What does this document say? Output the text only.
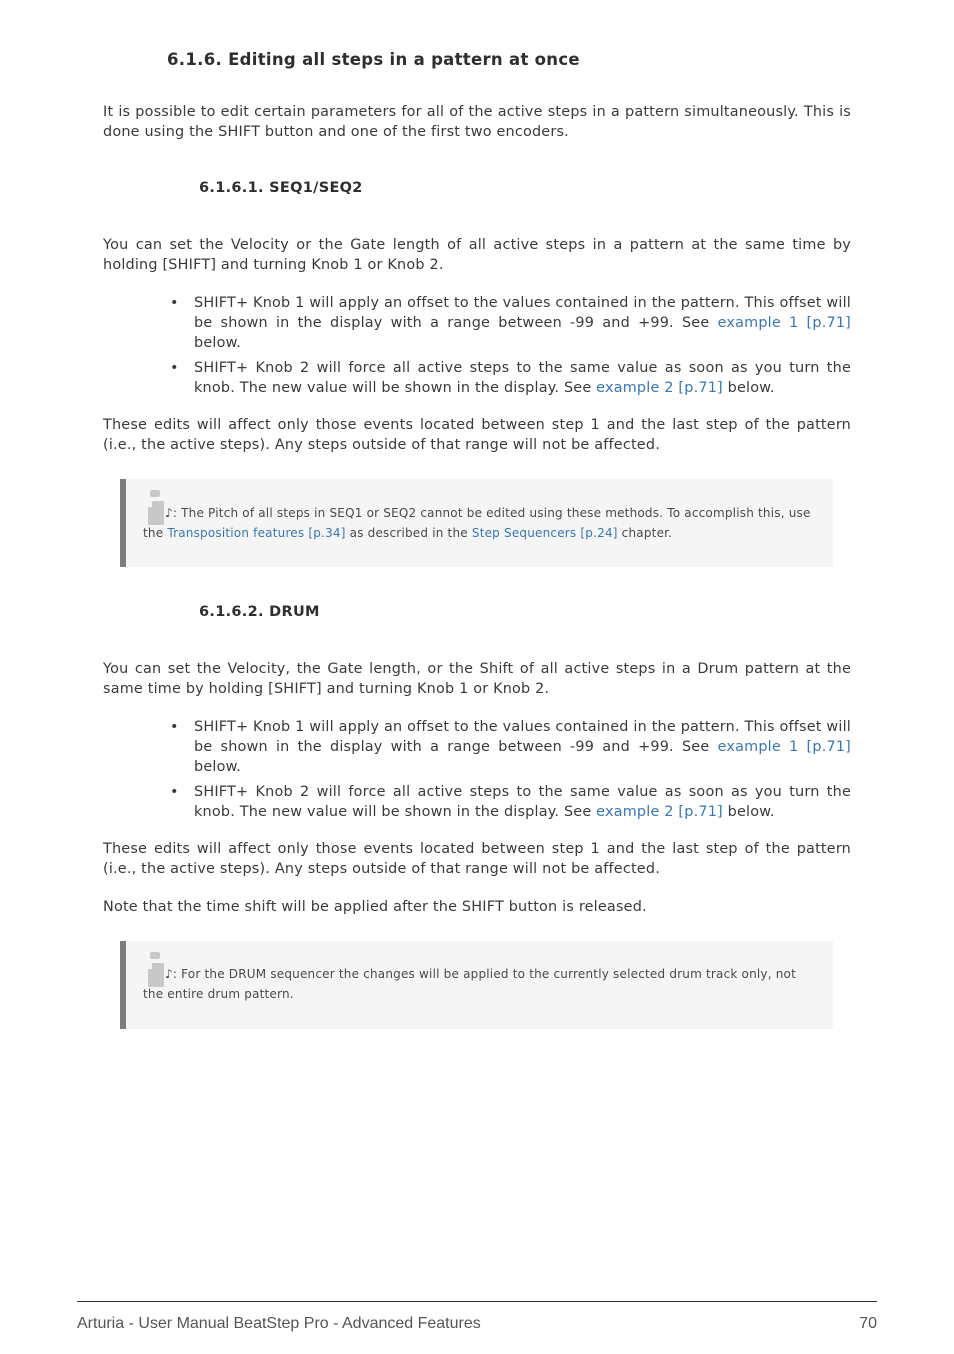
6.1.6. Editing all steps in a pattern at once
It is possible to edit certain parameters for all of the active steps in a pattern simultaneously. This is done using the SHIFT button and one of the first two encoders.
6.1.6.1. SEQ1/SEQ2
You can set the Velocity or the Gate length of all active steps in a pattern at the same time by holding [SHIFT] and turning Knob 1 or Knob 2.
• SHIFT+ Knob 1 will apply an offset to the values contained in the pattern. This offset will be shown in the display with a range between -99 and +99. See example 1 [p.71] below.
• SHIFT+ Knob 2 will force all active steps to the same value as soon as you turn the knob. The new value will be shown in the display. See example 2 [p.71] below.
These edits will affect only those events located between step 1 and the last step of the pattern (i.e., the active steps). Any steps outside of that range will not be affected.
♪: The Pitch of all steps in SEQ1 or SEQ2 cannot be edited using these methods. To accomplish this, use the Transposition features [p.34] as described in the Step Sequencers [p.24] chapter.
6.1.6.2. DRUM
You can set the Velocity, the Gate length, or the Shift of all active steps in a Drum pattern at the same time by holding [SHIFT] and turning Knob 1 or Knob 2.
• SHIFT+ Knob 1 will apply an offset to the values contained in the pattern. This offset will be shown in the display with a range between -99 and +99. See example 1 [p.71] below.
• SHIFT+ Knob 2 will force all active steps to the same value as soon as you turn the knob. The new value will be shown in the display. See example 2 [p.71] below.
These edits will affect only those events located between step 1 and the last step of the pattern (i.e., the active steps). Any steps outside of that range will not be affected.
Note that the time shift will be applied after the SHIFT button is released.
♪: For the DRUM sequencer the changes will be applied to the currently selected drum track only, not the entire drum pattern.
Arturia - User Manual BeatStep Pro - Advanced Features	70
